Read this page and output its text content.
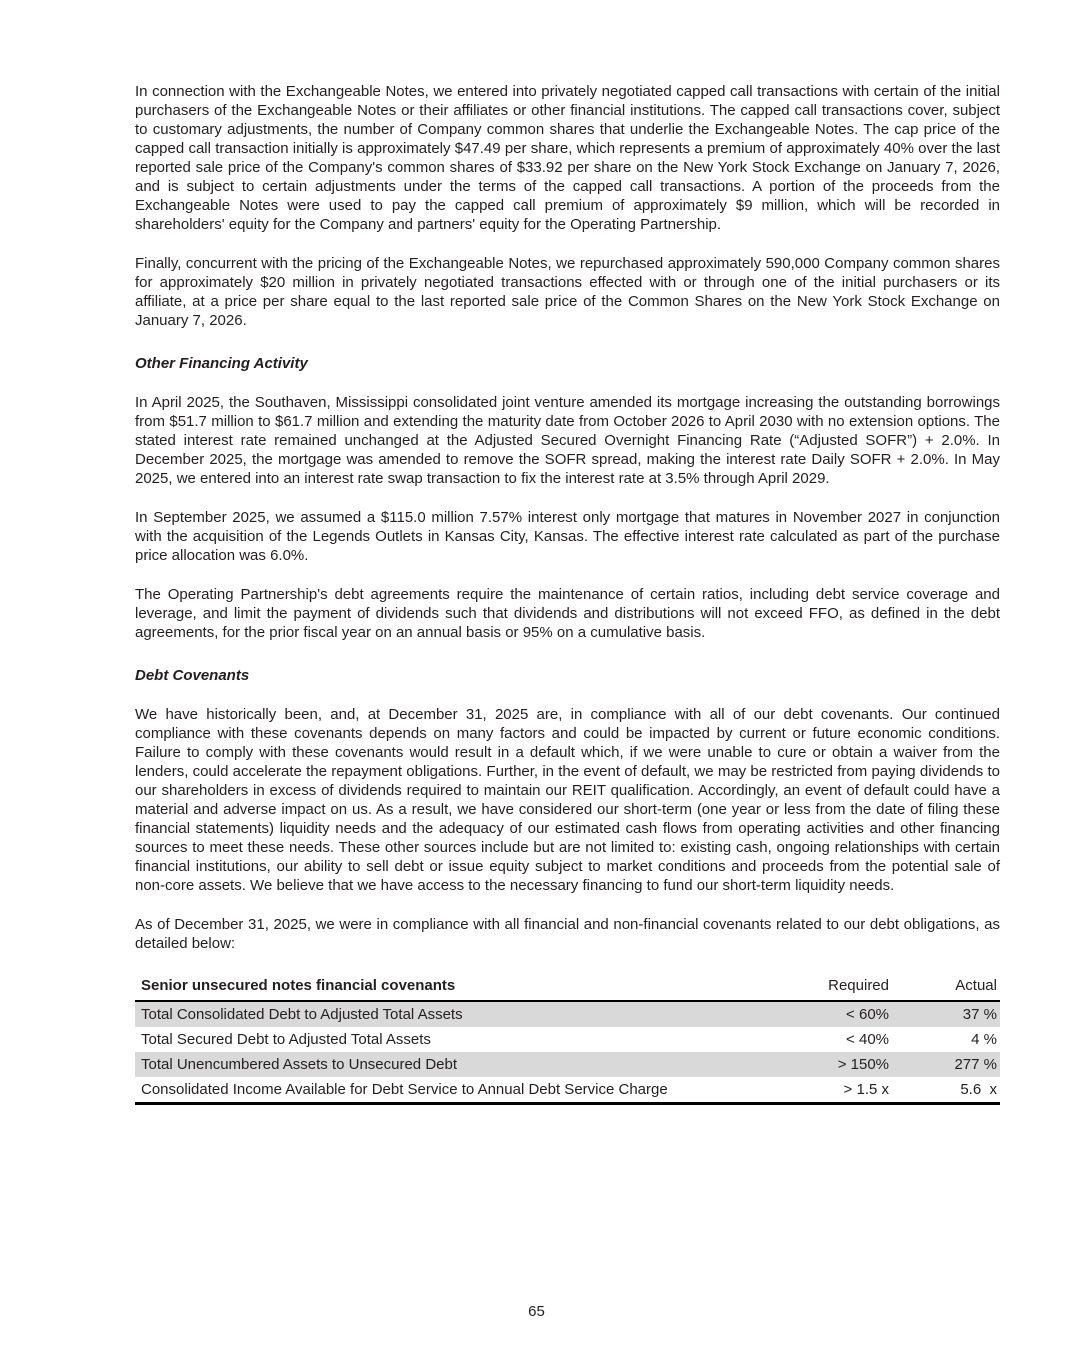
In connection with the Exchangeable Notes, we entered into privately negotiated capped call transactions with certain of the initial purchasers of the Exchangeable Notes or their affiliates or other financial institutions. The capped call transactions cover, subject to customary adjustments, the number of Company common shares that underlie the Exchangeable Notes. The cap price of the capped call transaction initially is approximately $47.49 per share, which represents a premium of approximately 40% over the last reported sale price of the Company's common shares of $33.92 per share on the New York Stock Exchange on January 7, 2026, and is subject to certain adjustments under the terms of the capped call transactions. A portion of the proceeds from the Exchangeable Notes were used to pay the capped call premium of approximately $9 million, which will be recorded in shareholders' equity for the Company and partners' equity for the Operating Partnership.

Finally, concurrent with the pricing of the Exchangeable Notes, we repurchased approximately 590,000 Company common shares for approximately $20 million in privately negotiated transactions effected with or through one of the initial purchasers or its affiliate, at a price per share equal to the last reported sale price of the Common Shares on the New York Stock Exchange on January 7, 2026.

Other Financing Activity

In April 2025, the Southaven, Mississippi consolidated joint venture amended its mortgage increasing the outstanding borrowings from $51.7 million to $61.7 million and extending the maturity date from October 2026 to April 2030 with no extension options. The stated interest rate remained unchanged at the Adjusted Secured Overnight Financing Rate (“Adjusted SOFR”) + 2.0%. In December 2025, the mortgage was amended to remove the SOFR spread, making the interest rate Daily SOFR + 2.0%. In May 2025, we entered into an interest rate swap transaction to fix the interest rate at 3.5% through April 2029.

In September 2025, we assumed a $115.0 million 7.57% interest only mortgage that matures in November 2027 in conjunction with the acquisition of the Legends Outlets in Kansas City, Kansas. The effective interest rate calculated as part of the purchase price allocation was 6.0%.

The Operating Partnership's debt agreements require the maintenance of certain ratios, including debt service coverage and leverage, and limit the payment of dividends such that dividends and distributions will not exceed FFO, as defined in the debt agreements, for the prior fiscal year on an annual basis or 95% on a cumulative basis.

Debt Covenants

We have historically been, and, at December 31, 2025 are, in compliance with all of our debt covenants. Our continued compliance with these covenants depends on many factors and could be impacted by current or future economic conditions. Failure to comply with these covenants would result in a default which, if we were unable to cure or obtain a waiver from the lenders, could accelerate the repayment obligations. Further, in the event of default, we may be restricted from paying dividends to our shareholders in excess of dividends required to maintain our REIT qualification. Accordingly, an event of default could have a material and adverse impact on us. As a result, we have considered our short-term (one year or less from the date of filing these financial statements) liquidity needs and the adequacy of our estimated cash flows from operating activities and other financing sources to meet these needs. These other sources include but are not limited to: existing cash, ongoing relationships with certain financial institutions, our ability to sell debt or issue equity subject to market conditions and proceeds from the potential sale of non-core assets. We believe that we have access to the necessary financing to fund our short-term liquidity needs.

As of December 31, 2025, we were in compliance with all financial and non-financial covenants related to our debt obligations, as detailed below:

Senior unsecured notes financial covenants	Required	Actual
Total Consolidated Debt to Adjusted Total Assets	< 60%	37 %
Total Secured Debt to Adjusted Total Assets	< 40%	4 %
Total Unencumbered Assets to Unsecured Debt	> 150%	277 %
Consolidated Income Available for Debt Service to Annual Debt Service Charge	> 1.5 x	5.6  x
65
